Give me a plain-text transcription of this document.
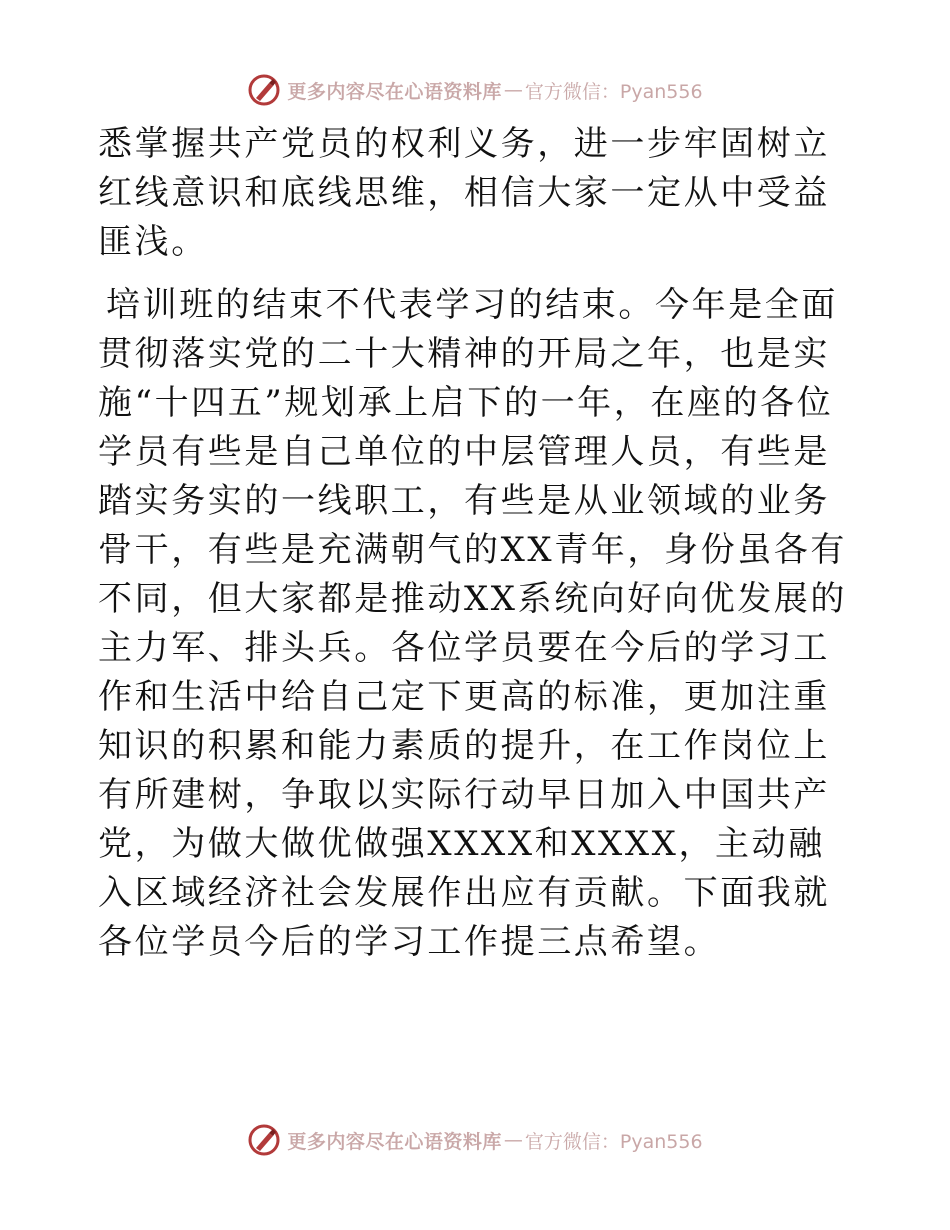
更多内容尽在心语资料库 — 官方微信：Pyan556

悉掌握共产党员的权利义务，进一步牢固树立红线意识和底线思维，相信大家一定从中受益匪浅。

培训班的结束不代表学习的结束。今年是全面贯彻落实党的二十大精神的开局之年，也是实施“十四五”规划承上启下的一年，在座的各位学员有些是自己单位的中层管理人员，有些是踏实务实的一线职工，有些是从业领域的业务骨干，有些是充满朝气的XX青年，身份虽各有不同，但大家都是推动XX系统向好向优发展的主力军、排头兵。各位学员要在今后的学习工作和生活中给自己定下更高的标准，更加注重知识的积累和能力素质的提升，在工作岗位上有所建树，争取以实际行动早日加入中国共产党，为做大做优做强XXXX和XXXX，主动融入区域经济社会发展作出应有贡献。下面我就各位学员今后的学习工作提三点希望。

更多内容尽在心语资料库 — 官方微信：Pyan556
